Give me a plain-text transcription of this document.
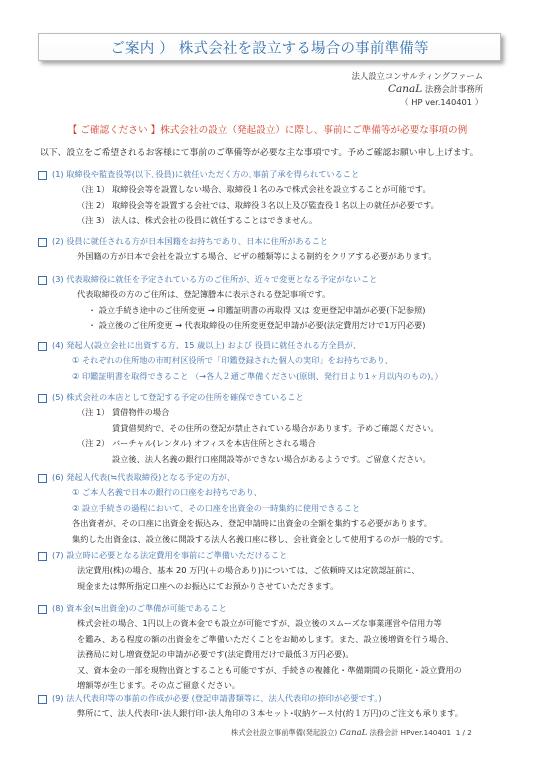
ご案内 ） 株式会社を設立する場合の事前準備等
法人設立コンサルティングファーム
CanaL 法務会計事務所
（ HP ver.140401 ）
【 ご確認ください 】株式会社の設立（発起設立）に際し、事前にご準備等が必要な事項の例
以下、設立をご希望されるお客様にて事前のご準備等が必要な主な事項です。予めご確認お願い申し上げます。
(1) 取締役や監査役等(以下､役員)に就任いただく方の､事前了承を得られていること
（注 1） 取締役会等を設置しない場合、取締役１名のみで株式会社を設立することが可能です。
（注 2） 取締役会等を設置する会社では、取締役３名以上及び監査役１名以上の就任が必要です。
（注 3） 法人は、株式会社の役員に就任することはできません。
(2) 役員に就任される方が日本国籍をお持ちであり、日本に住所があること
外国籍の方が日本で会社を設立する場合、ビザの種類等による制約をクリアする必要があります。
(3) 代表取締役に就任を予定されている方のご住所が、近々で変更となる予定がないこと
代表取締役の方のご住所は、登記簿謄本に表示される登記事項です。
・ 設立手続き途中のご住所変更 → 印鑑証明書の再取得 又は 変更登記申請が必要(下記参照)
・ 設立後のご住所変更 → 代表取締役の住所変更登記申請が必要(法定費用だけで1万円必要)
(4) 発起人(設立会社に出資する方、15 歳以上) および 役員に就任される方全員が、
① それぞれの住所地の市町村区役所で「印鑑登録された個人の実印」をお持ちであり、
② 印鑑証明書を取得できること （→各人２通ご準備ください(原則、発行日より1ヶ月以内のもの)。）
(5) 株式会社の本店として登記する予定の住所を確保できていること
（注 1） 賃借物件の場合
賃貸借契約で、その住所の登記が禁止されている場合があります。予めご確認ください。
（注 2） バーチャル(レンタル) オフィスを本店住所とされる場合
設立後、法人名義の銀行口座開設等ができない場合があるようです。ご留意ください。
(6) 発起人代表(≒代表取締役)となる予定の方が、
① ご本人名義で日本の銀行の口座をお持ちであり、
② 設立手続きの過程において、その口座を出資金の一時集約に使用できること
各出資者が、その口座に出資金を振込み、登記申請時に出資金の全額を集約する必要があります。
集約した出資金は、設立後に開設する法人名義口座に移し、会社資金として使用するのが一般的です。
(7) 設立時に必要となる法定費用を事前にご準備いただけること
法定費用(株)の場合、基本 20 万円(＋の場合あり))については、ご依頼時又は定款認証前に、
現金または弊所指定口座へのお振込にてお預かりさせていただきます。
(8) 資本金(≒出資金)のご準備が可能であること
株式会社の場合、1円以上の資本金でも設立が可能ですが、設立後のスムーズな事業運営や信用力等
を鑑み、ある程度の額の出資金をご準備いただくことをお勧めします。また、設立後増資を行う場合、
法務局に対し増資登記の申請が必要です(法定費用だけで最低３万円必要)。
又、資本金の一部を現物出資とすることも可能ですが、手続きの複雑化・準備期間の長期化・設立費用の
増額等が生じます。その点ご留意ください。
(9) 法人代表印等の事前の作成が必要 (登記申請書類等に、法人代表印の捺印が必要です。)
弊所にて、法人代表印･法人銀行印･法人角印の３本セット･収納ケース付(約１万円)のご注文も承ります。
株式会社設立事前準備(発起設立) CanaL 法務会計 HPver.140401 1 / 2
